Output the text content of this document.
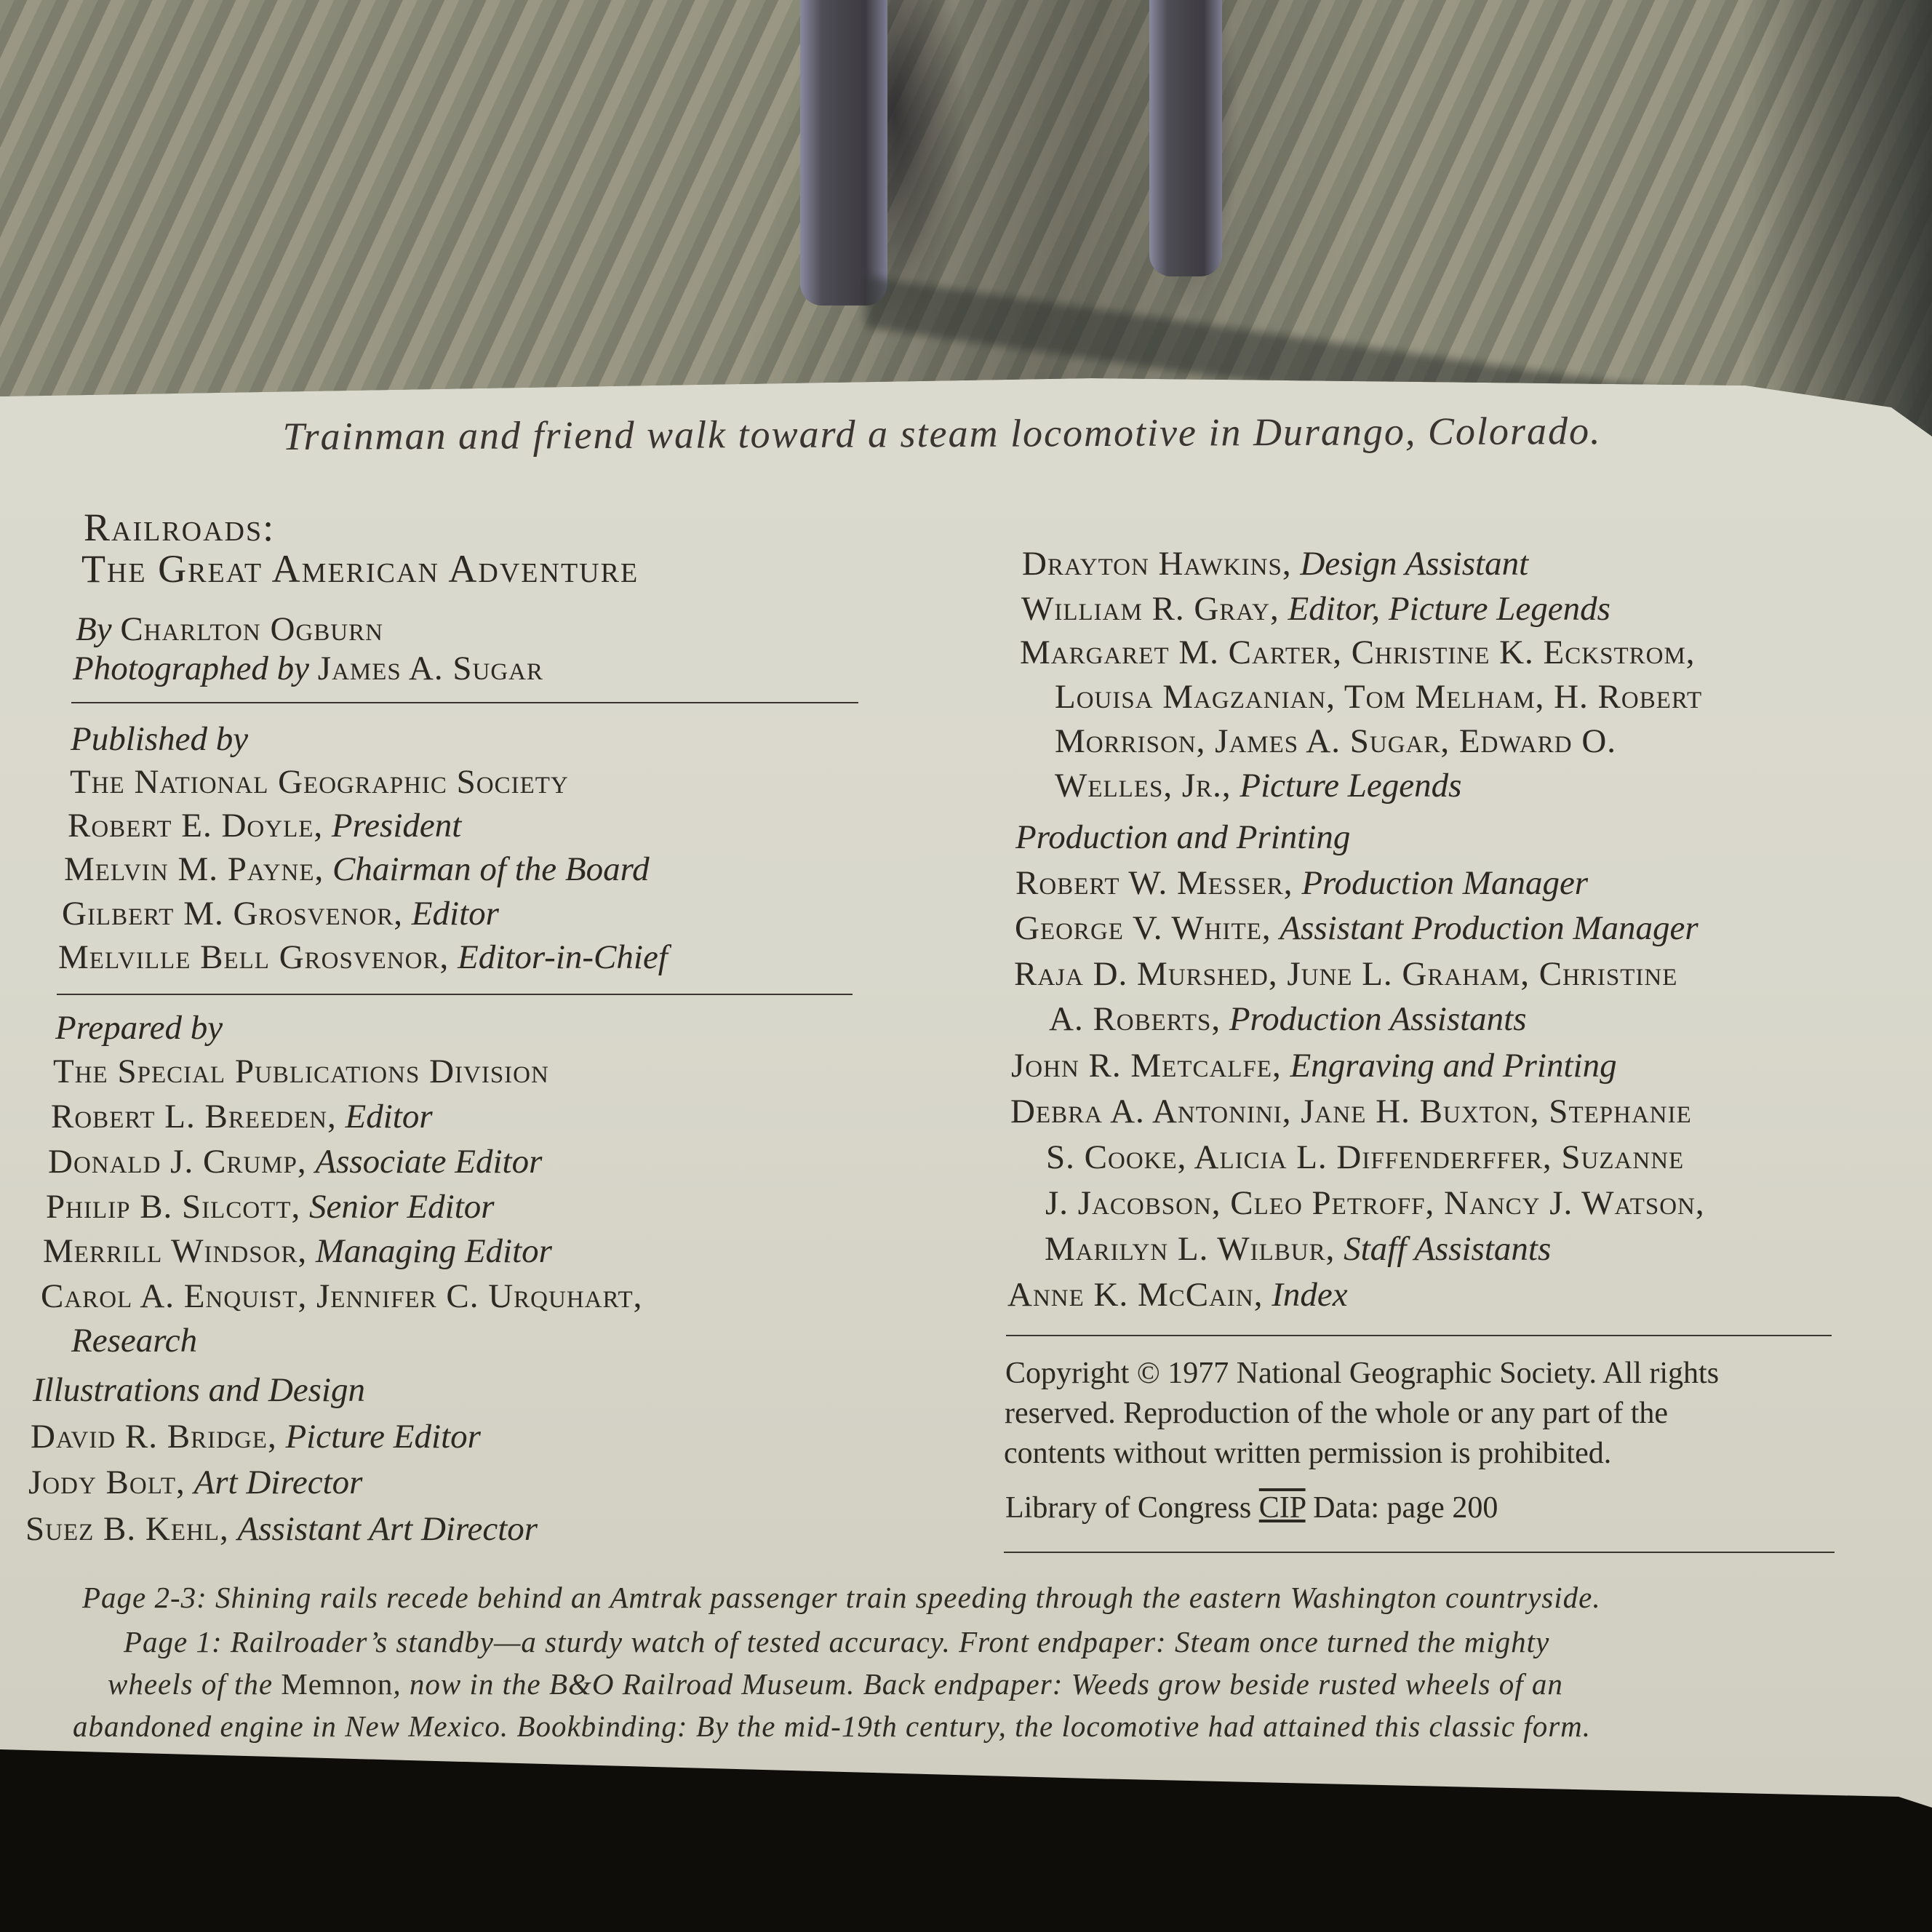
Trainman and friend walk toward a steam locomotive in Durango, Colorado.
Railroads:
The Great American Adventure
By Charlton Ogburn
Photographed by James A. Sugar
Published by
The National Geographic Society
Robert E. Doyle, President
Melvin M. Payne, Chairman of the Board
Gilbert M. Grosvenor, Editor
Melville Bell Grosvenor, Editor-in-Chief
Prepared by
The Special Publications Division
Robert L. Breeden, Editor
Donald J. Crump, Associate Editor
Philip B. Silcott, Senior Editor
Merrill Windsor, Managing Editor
Carol A. Enquist, Jennifer C. Urquhart,
Research
Illustrations and Design
David R. Bridge, Picture Editor
Jody Bolt, Art Director
Suez B. Kehl, Assistant Art Director
Drayton Hawkins, Design Assistant
William R. Gray, Editor, Picture Legends
Margaret M. Carter, Christine K. Eckstrom,
Louisa Magzanian, Tom Melham, H. Robert
Morrison, James A. Sugar, Edward O.
Welles, Jr., Picture Legends
Production and Printing
Robert W. Messer, Production Manager
George V. White, Assistant Production Manager
Raja D. Murshed, June L. Graham, Christine
A. Roberts, Production Assistants
John R. Metcalfe, Engraving and Printing
Debra A. Antonini, Jane H. Buxton, Stephanie
S. Cooke, Alicia L. Diffenderffer, Suzanne
J. Jacobson, Cleo Petroff, Nancy J. Watson,
Marilyn L. Wilbur, Staff Assistants
Anne K. McCain, Index
Copyright © 1977 National Geographic Society. All rights
reserved. Reproduction of the whole or any part of the
contents without written permission is prohibited.
Library of Congress CIP Data: page 200
Page 2-3: Shining rails recede behind an Amtrak passenger train speeding through the eastern Washington countryside.
Page 1: Railroader’s standby—a sturdy watch of tested accuracy. Front endpaper: Steam once turned the mighty
wheels of the Memnon, now in the B&O Railroad Museum. Back endpaper: Weeds grow beside rusted wheels of an
abandoned engine in New Mexico. Bookbinding: By the mid-19th century, the locomotive had attained this classic form.
